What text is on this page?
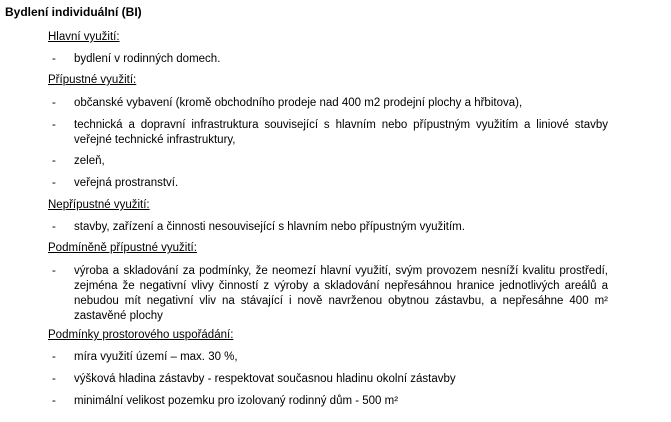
Bydlení individuální (BI)
Hlavní využití:
- bydlení v rodinných domech.
Přípustné využití:
- občanské vybavení (kromě obchodního prodeje nad 400 m2 prodejní plochy a hřbitova),
- technická a dopravní infrastruktura související s hlavním nebo přípustným využitím a liniové stavby veřejné technické infrastruktury,
- zeleň,
- veřejná prostranství.
Nepřípustné využití:
- stavby, zařízení a činnosti nesouvisející s hlavním nebo přípustným využitím.
Podmíněně přípustné využití:
- výroba a skladování za podmínky, že neomezí hlavní využití, svým provozem nesníží kvalitu prostředí, zejména že negativní vlivy činností z výroby a skladování nepřesáhnou hranice jednotlivých areálů a nebudou mít negativní vliv na stávající i nově navrženou obytnou zástavbu, a nepřesáhne 400 m² zastavěné plochy
Podmínky prostorového uspořádání:
- míra využití území – max. 30 %,
- výšková hladina zástavby - respektovat současnou hladinu okolní zástavby
- minimální velikost pozemku pro izolovaný rodinný dům - 500 m²
